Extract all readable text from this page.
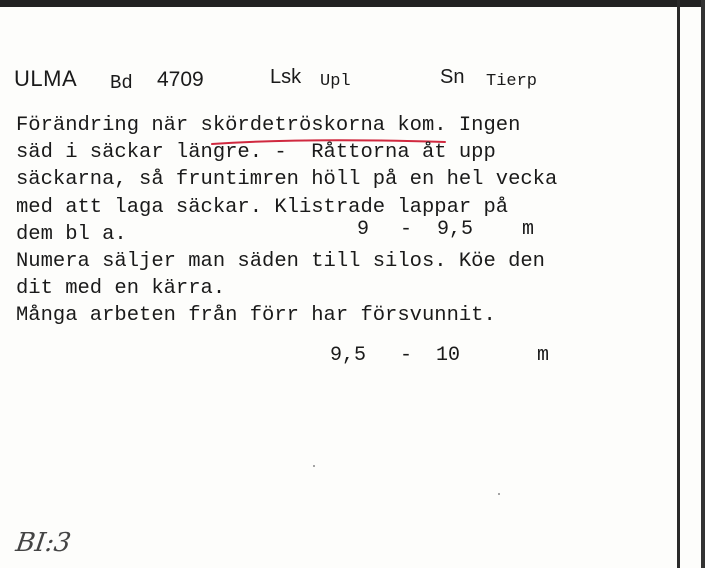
ULMA Bd 4709	Lsk Upl	Sn Tierp
Förändring när skördetröskorna kom. Ingen
säd i säckar längre. -  Råttorna åt upp
säckarna, så fruntimren höll på en hel vecka
med att laga säckar. Klistrade lappar på
dem bl a.
Numera säljer man säden till silos. Köe den
dit med en kärra.
Många arbeten från förr har försvunnit.
9 - 9,5 m
9,5 - 10	m
BI:3
